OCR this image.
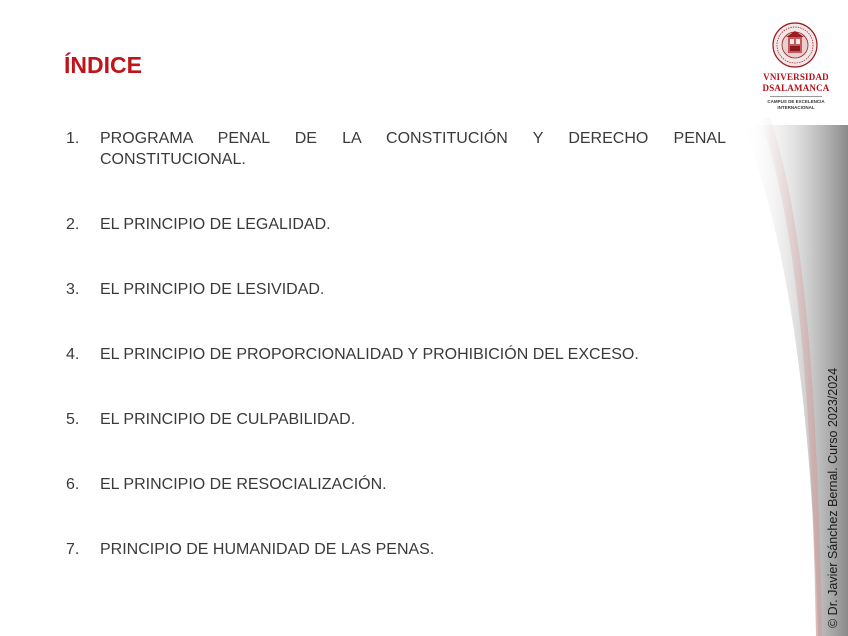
ÍNDICE	VNIVERSIDAD
DSALAMANCA
CAMPUS DE EXCELENCIA
INTERNACIONAL
1.	PROGRAMA PENAL DE LA CONSTITUCIÓN Y DERECHO PENAL CONSTITUCIONAL.
2.	EL PRINCIPIO DE LEGALIDAD.
3.	EL PRINCIPIO DE LESIVIDAD.
4.	EL PRINCIPIO DE PROPORCIONALIDAD Y PROHIBICIÓN DEL EXCESO.
5.	EL PRINCIPIO DE CULPABILIDAD.
6.	EL PRINCIPIO DE RESOCIALIZACIÓN.
7.	PRINCIPIO DE HUMANIDAD DE LAS PENAS.	© Dr. Javier Sánchez Bernal. Curso 2023/2024
